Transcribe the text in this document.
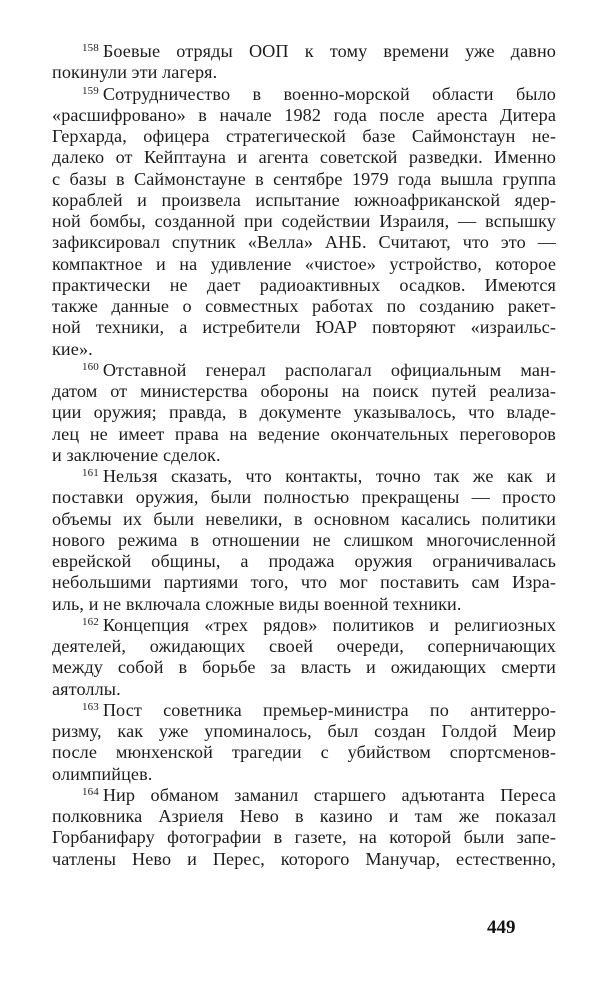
$^{158}$ Боевые отряды ООП к тому времени уже давно
покинули эти лагеря.
$^{159}$ Сотрудничество в военно-морской области было
«расшифровано» в начале 1982 года после ареста Дитера
Герхарда, офицера стратегической базе Саймонстаун не-
далеко от Кейптауна и агента советской разведки. Именно
с базы в Саймонстауне в сентябре 1979 года вышла группа
кораблей и произвела испытание южноафриканской ядер-
ной бомбы, созданной при содействии Израиля, — вспышку
зафиксировал спутник «Велла» АНБ. Считают, что это —
компактное и на удивление «чистое» устройство, которое
практически не дает радиоактивных осадков. Имеются
также данные о совместных работах по созданию ракет-
ной техники, а истребители ЮАР повторяют «израильс-
кие».
$^{160}$ Отставной генерал располагал официальным ман-
датом от министерства обороны на поиск путей реализа-
ции оружия; правда, в документе указывалось, что владе-
лец не имеет права на ведение окончательных переговоров
и заключение сделок.
$^{161}$ Нельзя сказать, что контакты, точно так же как и
поставки оружия, были полностью прекращены — просто
объемы их были невелики, в основном касались политики
нового режима в отношении не слишком многочисленной
еврейской общины, а продажа оружия ограничивалась
небольшими партиями того, что мог поставить сам Изра-
иль, и не включала сложные виды военной техники.
$^{162}$ Концепция «трех рядов» политиков и религиозных
деятелей, ожидающих своей очереди, соперничающих
между собой в борьбе за власть и ожидающих смерти
аятоллы.
$^{163}$ Пост советника премьер-министра по антитерро-
ризму, как уже упоминалось, был создан Голдой Меир
после мюнхенской трагедии с убийством спортсменов-
олимпийцев.
$^{164}$ Нир обманом заманил старшего адъютанта Переса
полковника Азриеля Нево в казино и там же показал
Горбанифару фотографии в газете, на которой были запе-
чатлены Нево и Перес, которого Манучар, естественно,
449
